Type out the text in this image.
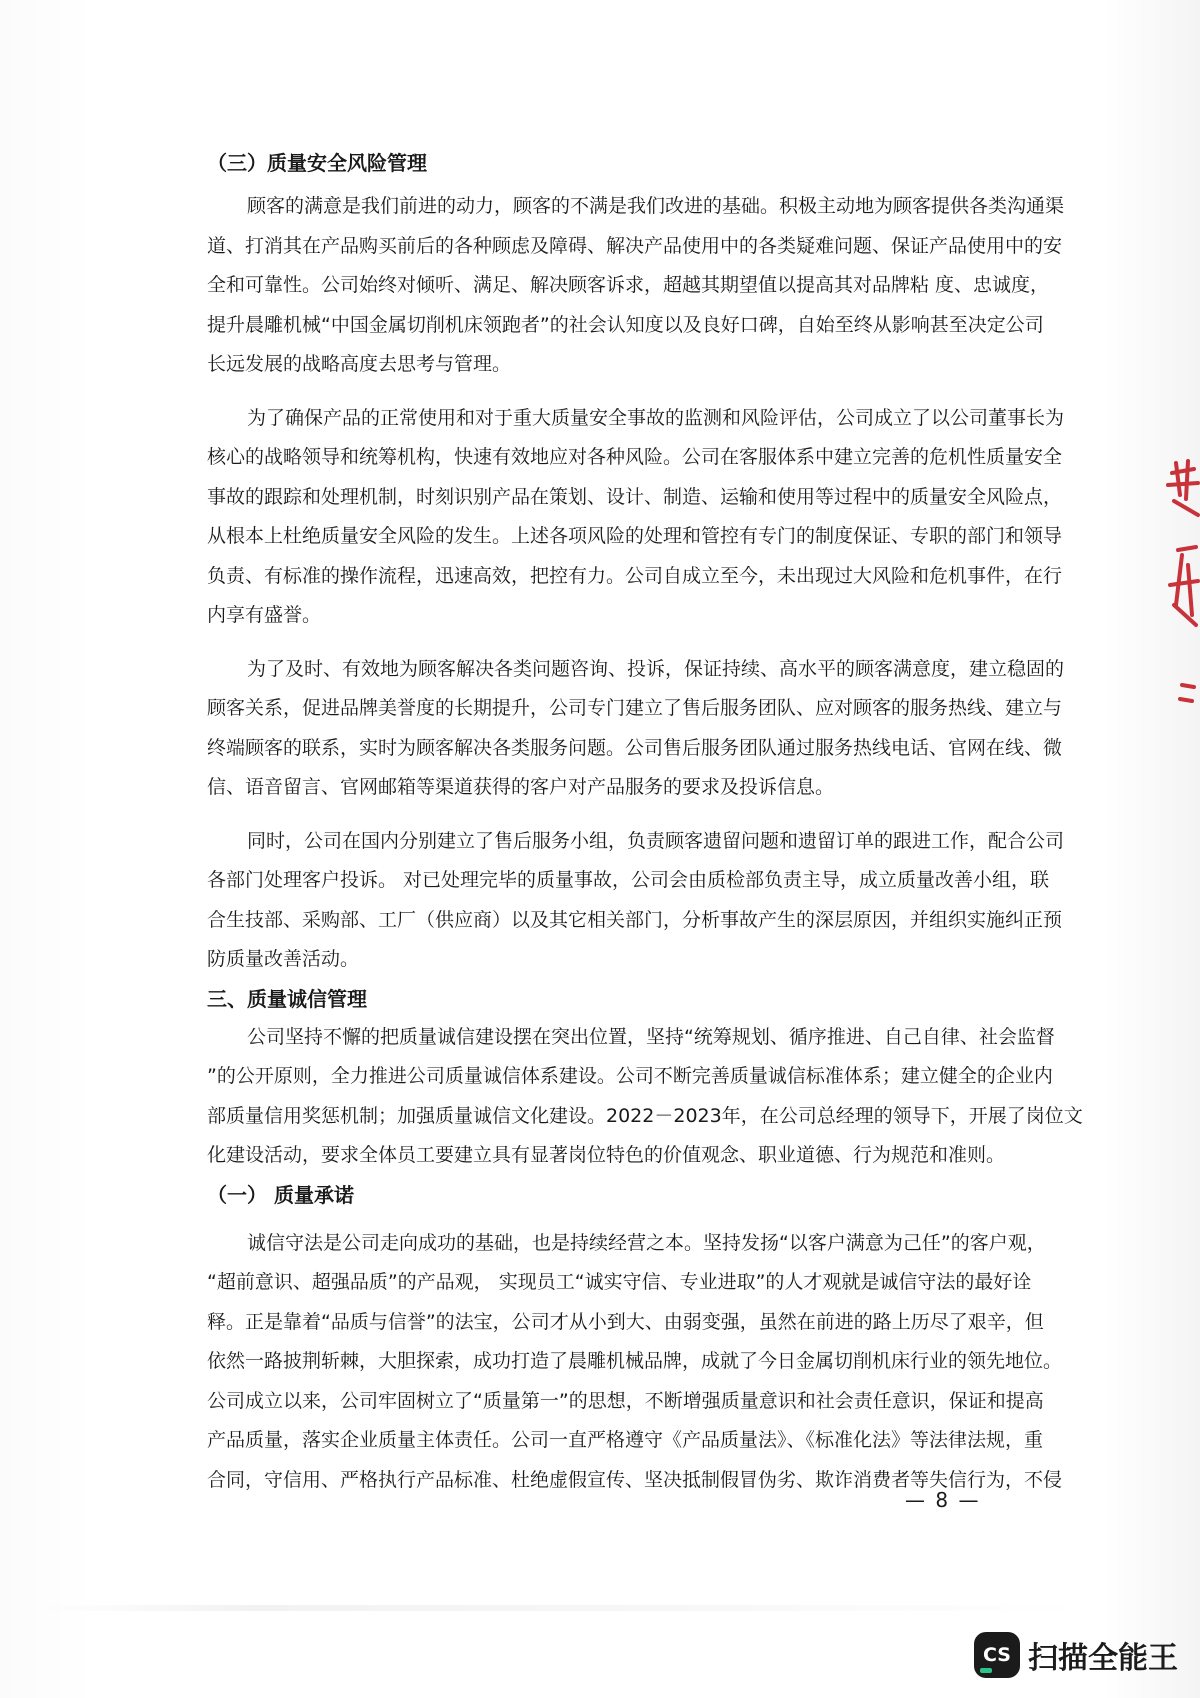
（三）质量安全风险管理

顾客的满意是我们前进的动力，顾客的不满是我们改进的基础。积极主动地为顾客提供各类沟通渠
道、打消其在产品购买前后的各种顾虑及障碍、解决产品使用中的各类疑难问题、保证产品使用中的安
全和可靠性。公司始终对倾听、满足、解决顾客诉求，超越其期望值以提高其对品牌粘 度、忠诚度，
提升晨雕机械“中国金属切削机床领跑者”的社会认知度以及良好口碑，自始至终从影响甚至决定公司
长远发展的战略高度去思考与管理。
为了确保产品的正常使用和对于重大质量安全事故的监测和风险评估，公司成立了以公司董事长为
核心的战略领导和统筹机构，快速有效地应对各种风险。公司在客服体系中建立完善的危机性质量安全
事故的跟踪和处理机制，时刻识别产品在策划、设计、制造、运输和使用等过程中的质量安全风险点，
从根本上杜绝质量安全风险的发生。上述各项风险的处理和管控有专门的制度保证、专职的部门和领导
负责、有标准的操作流程，迅速高效，把控有力。公司自成立至今，未出现过大风险和危机事件，在行
内享有盛誉。
为了及时、有效地为顾客解决各类问题咨询、投诉，保证持续、高水平的顾客满意度，建立稳固的
顾客关系，促进品牌美誉度的长期提升，公司专门建立了售后服务团队、应对顾客的服务热线、建立与
终端顾客的联系，实时为顾客解决各类服务问题。公司售后服务团队通过服务热线电话、官网在线、微
信、语音留言、官网邮箱等渠道获得的客户对产品服务的要求及投诉信息。
同时，公司在国内分别建立了售后服务小组，负责顾客遗留问题和遗留订单的跟进工作，配合公司
各部门处理客户投诉。 对已处理完毕的质量事故，公司会由质检部负责主导，成立质量改善小组，联
合生技部、采购部、工厂（供应商）以及其它相关部门，分析事故产生的深层原因，并组织实施纠正预
防质量改善活动。

三、质量诚信管理

公司坚持不懈的把质量诚信建设摆在突出位置，坚持“统筹规划、循序推进、自己自律、社会监督
”的公开原则，全力推进公司质量诚信体系建设。公司不断完善质量诚信标准体系；建立健全的企业内
部质量信用奖惩机制；加强质量诚信文化建设。2022－2023年，在公司总经理的领导下，开展了岗位文
化建设活动，要求全体员工要建立具有显著岗位特色的价值观念、职业道德、行为规范和准则。

（一） 质量承诺

诚信守法是公司走向成功的基础，也是持续经营之本。坚持发扬“以客户满意为己任”的客户观，
“超前意识、超强品质”的产品观， 实现员工“诚实守信、专业进取”的人才观就是诚信守法的最好诠
释。正是靠着“品质与信誉”的法宝，公司才从小到大、由弱变强，虽然在前进的路上历尽了艰辛，但
依然一路披荆斩棘，大胆探索，成功打造了晨雕机械品牌，成就了今日金属切削机床行业的领先地位。
公司成立以来，公司牢固树立了“质量第一”的思想，不断增强质量意识和社会责任意识，保证和提高
产品质量，落实企业质量主体责任。公司一直严格遵守《产品质量法》、《标准化法》等法律法规，重
合同，守信用、严格执行产品标准、杜绝虚假宣传、坚决抵制假冒伪劣、欺诈消费者等失信行为，不侵
— 8 —
CS 扫描全能王
